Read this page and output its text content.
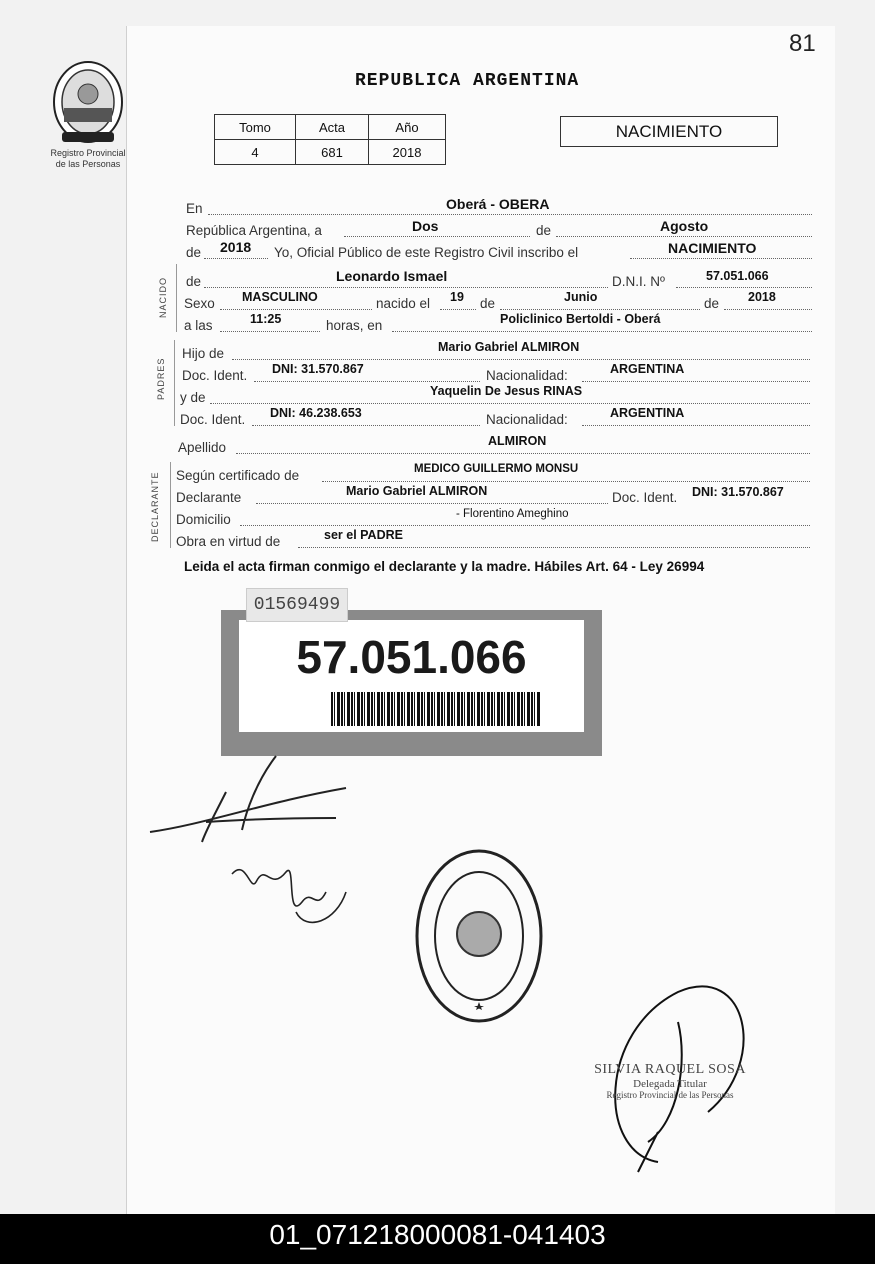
81
Registro Provincial
de las Personas
REPUBLICA ARGENTINA
Tomo	Acta	Año
4	681	2018
NACIMIENTO
En	Oberá - OBERA
República Argentina, a	Dos	de	Agosto
de 2018 Yo, Oficial Público de este Registro Civil inscribo el	NACIMIENTO
NACIDO de	Leonardo Ismael	D.N.I. Nº	57.051.066
Sexo MASCULINO	nacido el 19 de	Junio	de 2018
a las	11:25	horas, en	Policlinico Bertoldi - Oberá
PADRES
Hijo de	Mario Gabriel ALMIRON
Doc. Ident. DNI: 31.570.867	Nacionalidad:	ARGENTINA
y de	Yaquelin De Jesus RINAS
Doc. Ident. DNI: 46.238.653	Nacionalidad:	ARGENTINA
Apellido	ALMIRON
DECLARANTE Según certificado de	MEDICO GUILLERMO MONSU
Declarante	Mario Gabriel ALMIRON	Doc. Ident. DNI: 31.570.867
Domicilio	- Florentino Ameghino
Obra en virtud de	ser el PADRE
Leida el acta firman conmigo el declarante y la madre. Hábiles Art. 64 - Ley 26994
57.051.066
01569499
SILVIA RAQUEL SOSA
Delegada Titular
Registro Provincial de las Personas
01_071218000081-041403
